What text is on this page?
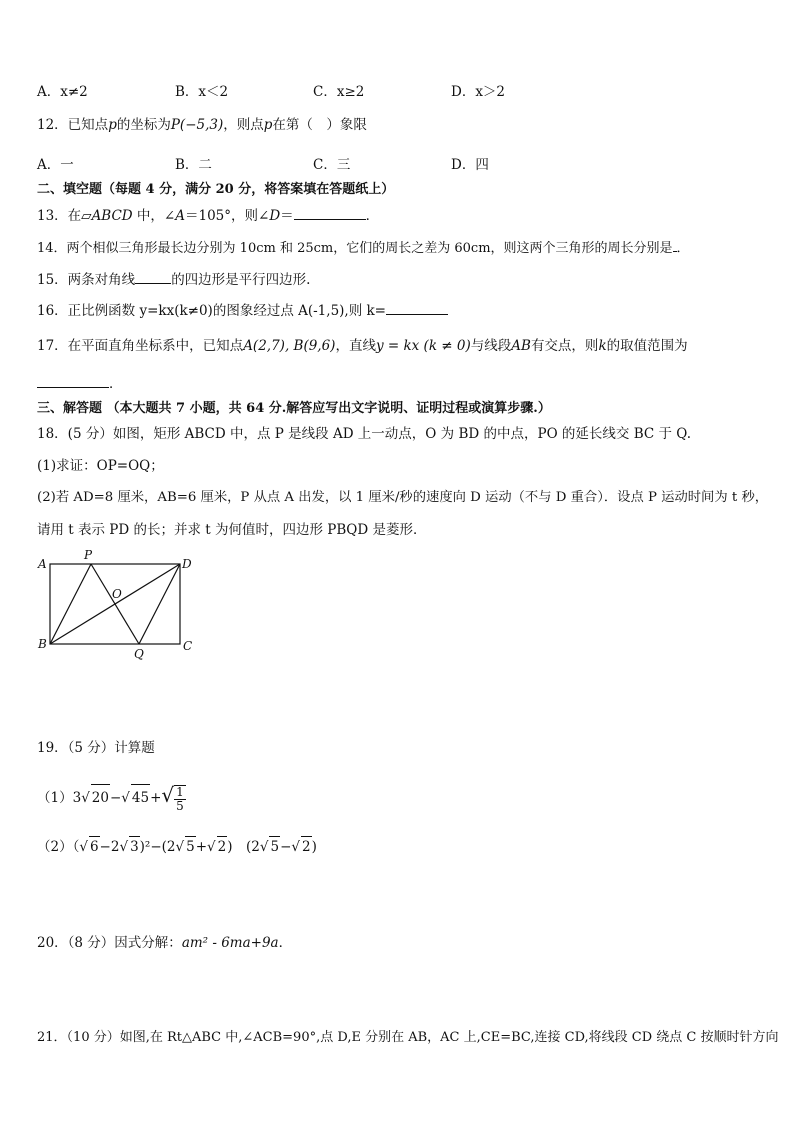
A．x≠2	B．x＜2	C．x≥2	D．x＞2
12．已知点p的坐标为P(−5,3)，则点p在第（　）象限
A．一	B．二	C．三	D．四
二、填空题（每题 4 分，满分 20 分，将答案填在答题纸上）
13．在▱ABCD 中，∠A＝105°，则∠D＝	．
14．两个相似三角形最长边分别为 10cm 和 25cm，它们的周长之差为 60cm，则这两个三角形的周长分别是 ．
15．两条对角线	的四边形是平行四边形.
16．正比例函数 y=kx(k≠0)的图象经过点 A(-1,5),则 k=
17．在平面直角坐标系中，已知点A(2,7), B(9,6)，直线y = kx (k ≠ 0)与线段AB有交点，则k的取值范围为
．
三、解答题 （本大题共 7 小题，共 64 分.解答应写出文字说明、证明过程或演算步骤.）
18．(5 分）如图，矩形 ABCD 中，点 P 是线段 AD 上一动点，O 为 BD 的中点，PO 的延长线交 BC 于 Q.
(1)求证：OP=OQ；
(2)若 AD=8 厘米，AB=6 厘米，P 从点 A 出发，以 1 厘米/秒的速度向 D 运动（不与 D 重合）．设点 P 运动时间为 t 秒，
请用 t 表示 PD 的长；并求 t 为何值时，四边形 PBQD 是菱形．
A
P
D
O
B
Q
C
19．（5 分）计算题
（1）3√ 20−√ $45+√ \frac{1}{5}$
（2）（√ 6−2√ 3)²−(2√ 5+√ 2)　(2√ 5−√ 2)
20．（8 分）因式分解：am² - 6ma+9a．
21．（10 分）如图,在 Rt△ABC 中,∠ACB=90°,点 D,E 分别在 AB，AC 上,CE=BC,连接 CD,将线段 CD 绕点 C 按顺时针方向
